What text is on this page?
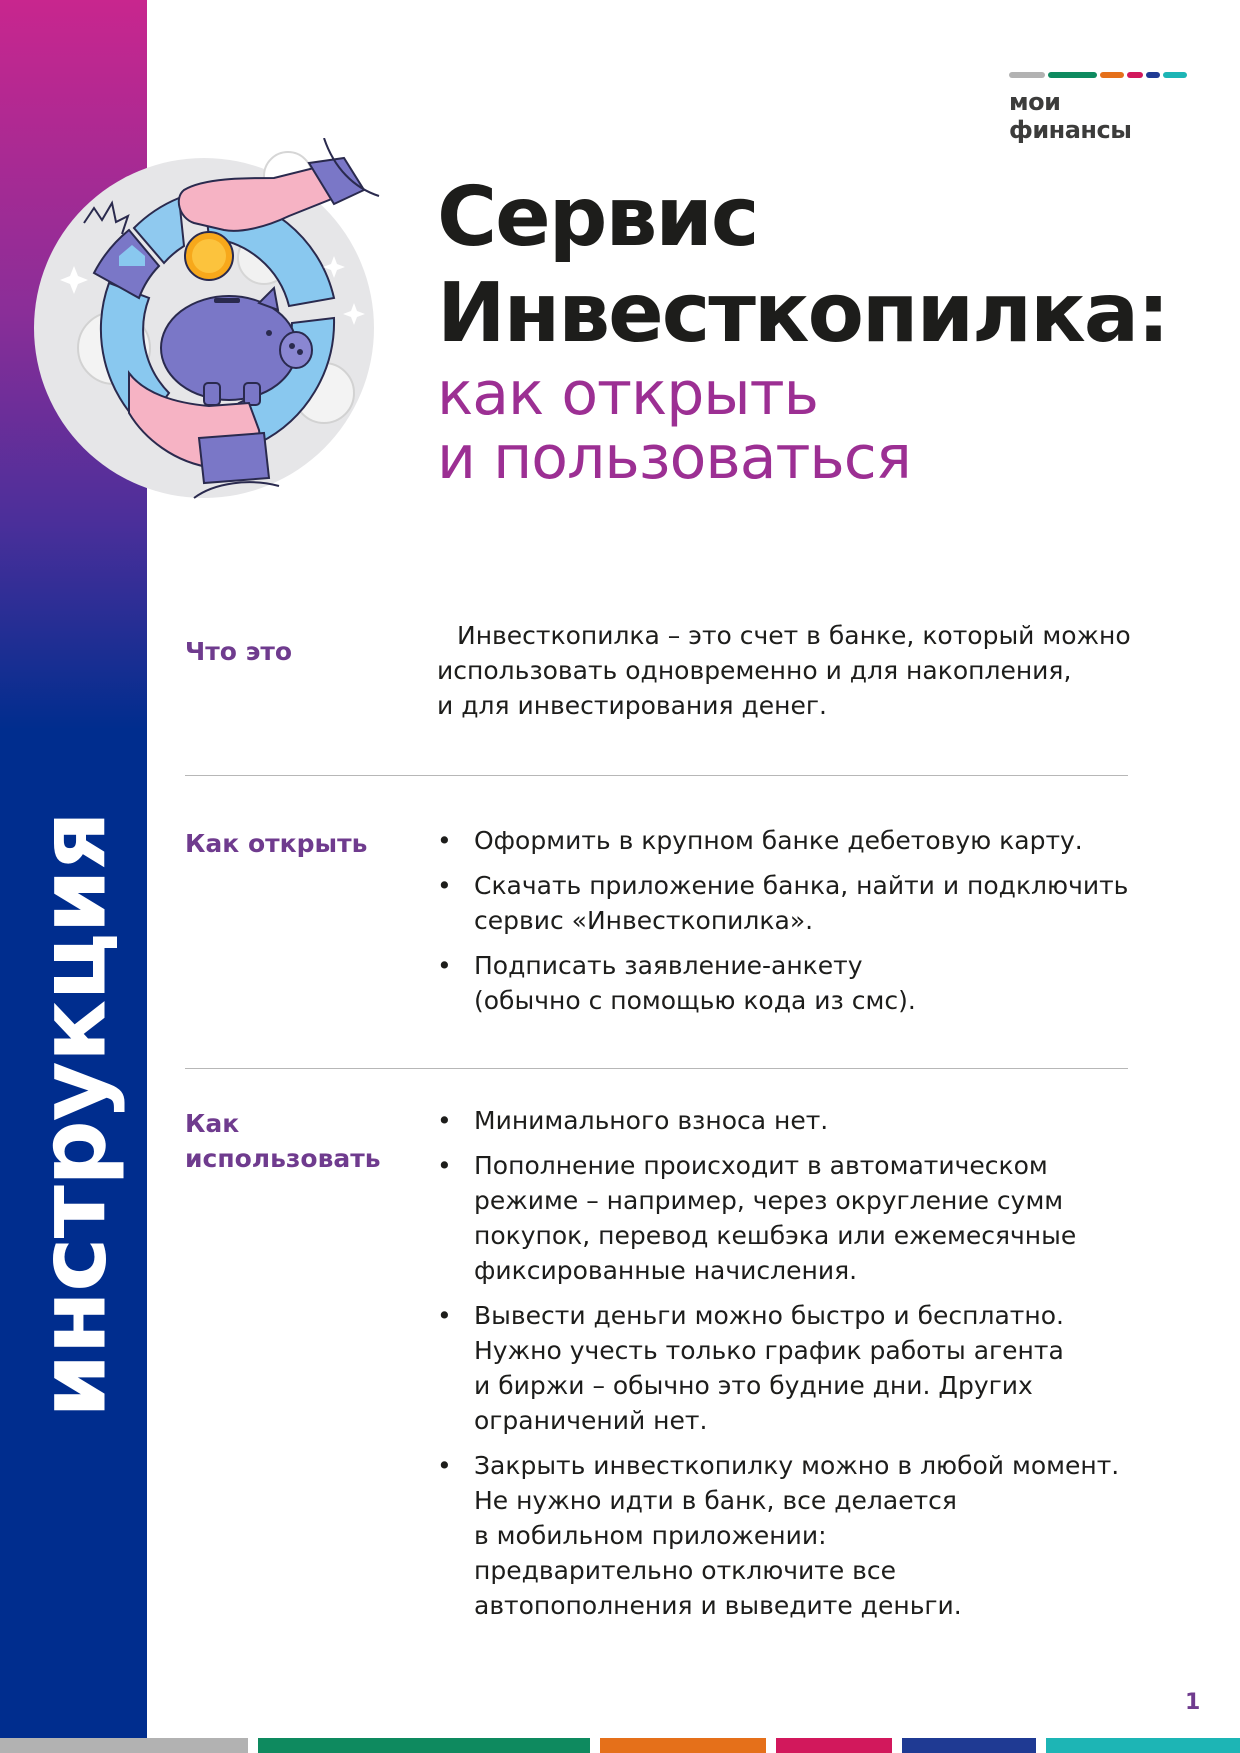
инструкция
мои финансы
Сервис
Инвесткопилка:
как открыть
и пользоваться
Что это
Инвесткопилка – это счет в банке, который можно
использовать одновременно и для накопления,
и для инвестирования денег.
Как открыть	• Оформить в крупном банке дебетовую карту.
• Скачать приложение банка, найти и подключить
сервис «Инвесткопилка».
• Подписать заявление-анкету
(обычно с помощью кода из смс).
Как
использовать
• Минимального взноса нет.
• Пополнение происходит в автоматическом
режиме – например, через округление сумм
покупок, перевод кешбэка или ежемесячные
фиксированные начисления.
• Вывести деньги можно быстро и бесплатно.
Нужно учесть только график работы агента
и биржи – обычно это будние дни. Других
ограничений нет.
• Закрыть инвесткопилку можно в любой момент.
Не нужно идти в банк, все делается
в мобильном приложении:
предварительно отключите все
автопополнения и выведите деньги.
1
